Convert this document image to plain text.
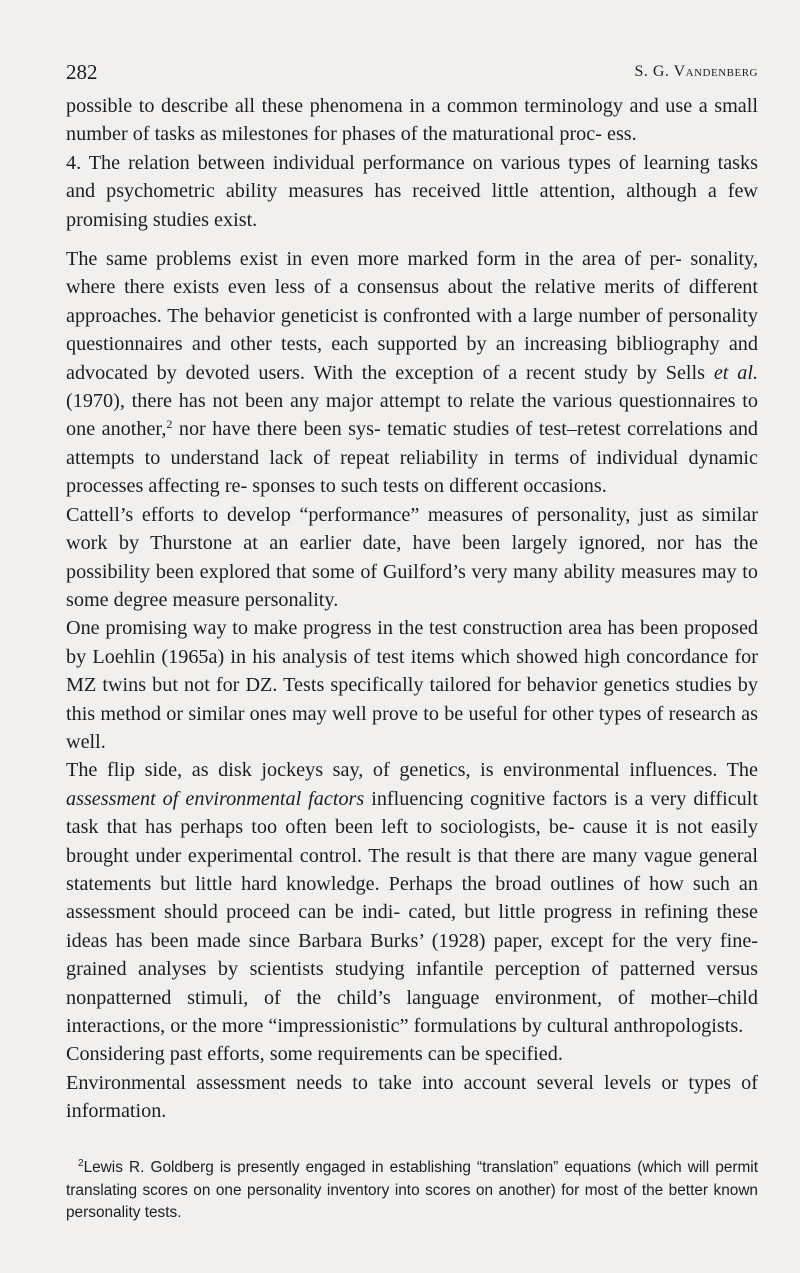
282	S. G. Vandenberg

possible to describe all these phenomena in a common terminology and use a small number of tasks as milestones for phases of the maturational proc- ess.

4. The relation between individual performance on various types of learning tasks and psychometric ability measures has received little attention, although a few promising studies exist.

The same problems exist in even more marked form in the area of per- sonality, where there exists even less of a consensus about the relative merits of different approaches. The behavior geneticist is confronted with a large number of personality questionnaires and other tests, each supported by an increasing bibliography and advocated by devoted users. With the exception of a recent study by Sells et al. (1970), there has not been any major attempt to relate the various questionnaires to one another,$^2$ nor have there been sys- tematic studies of test–retest correlations and attempts to understand lack of repeat reliability in terms of individual dynamic processes affecting re- sponses to such tests on different occasions.

Cattell’s efforts to develop “performance” measures of personality, just as similar work by Thurstone at an earlier date, have been largely ignored, nor has the possibility been explored that some of Guilford’s very many ability measures may to some degree measure personality.

One promising way to make progress in the test construction area has been proposed by Loehlin (1965a) in his analysis of test items which showed high concordance for MZ twins but not for DZ. Tests specifically tailored for behavior genetics studies by this method or similar ones may well prove to be useful for other types of research as well.

The flip side, as disk jockeys say, of genetics, is environmental influences. The assessment of environmental factors influencing cognitive factors is a very difficult task that has perhaps too often been left to sociologists, be- cause it is not easily brought under experimental control. The result is that there are many vague general statements but little hard knowledge. Perhaps the broad outlines of how such an assessment should proceed can be indi- cated, but little progress in refining these ideas has been made since Barbara Burks’ (1928) paper, except for the very fine-grained analyses by scientists studying infantile perception of patterned versus nonpatterned stimuli, of the child’s language environment, of mother–child interactions, or the more “impressionistic” formulations by cultural anthropologists.

Considering past efforts, some requirements can be specified.

Environmental assessment needs to take into account several levels or types of information.

$^2$Lewis R. Goldberg is presently engaged in establishing “translation” equations (which will permit translating scores on one personality inventory into scores on another) for most of the better known personality tests.
